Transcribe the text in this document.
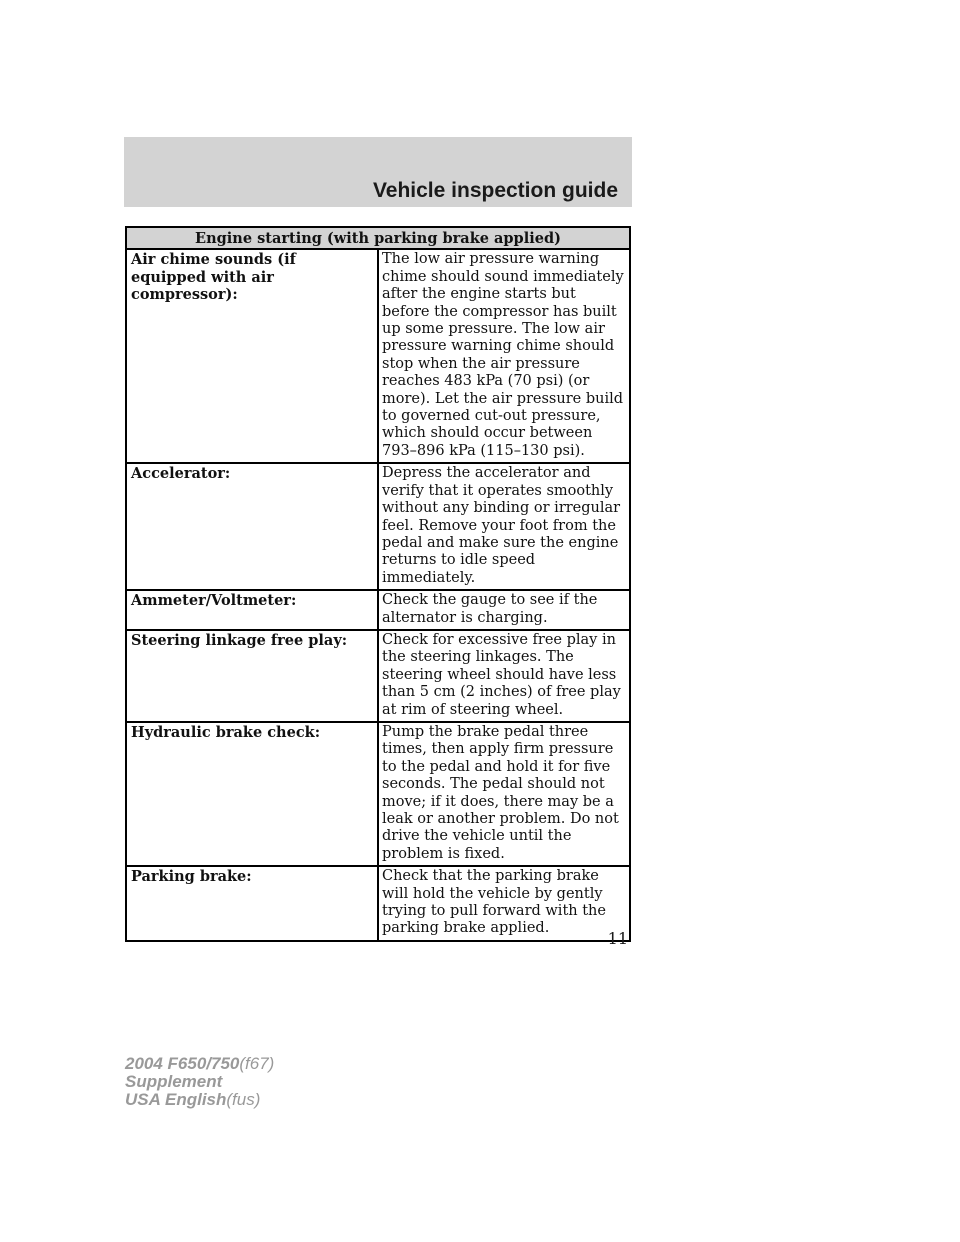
Vehicle inspection guide
Engine starting (with parking brake applied)	
Air chime sounds (if equipped with air compressor):	The low air pressure warning chime should sound immediately after the engine starts but before the compressor has built up some pressure. The low air pressure warning chime should stop when the air pressure reaches 483 kPa (70 psi) (or more). Let the air pressure build to governed cut-out pressure, which should occur between 793–896 kPa (115–130 psi).
Accelerator:	Depress the accelerator and verify that it operates smoothly without any binding or irregular feel. Remove your foot from the pedal and make sure the engine returns to idle speed immediately.
Ammeter/Voltmeter:	Check the gauge to see if the alternator is charging.
Steering linkage free play:	Check for excessive free play in the steering linkages. The steering wheel should have less than 5 cm (2 inches) of free play at rim of steering wheel.
Hydraulic brake check:	Pump the brake pedal three times, then apply firm pressure to the pedal and hold it for five seconds. The pedal should not move; if it does, there may be a leak or another problem. Do not drive the vehicle until the problem is fixed.
Parking brake:	Check that the parking brake will hold the vehicle by gently trying to pull forward with the parking brake applied.
11
2004 F650/750(f67)
Supplement
USA English(fus)
